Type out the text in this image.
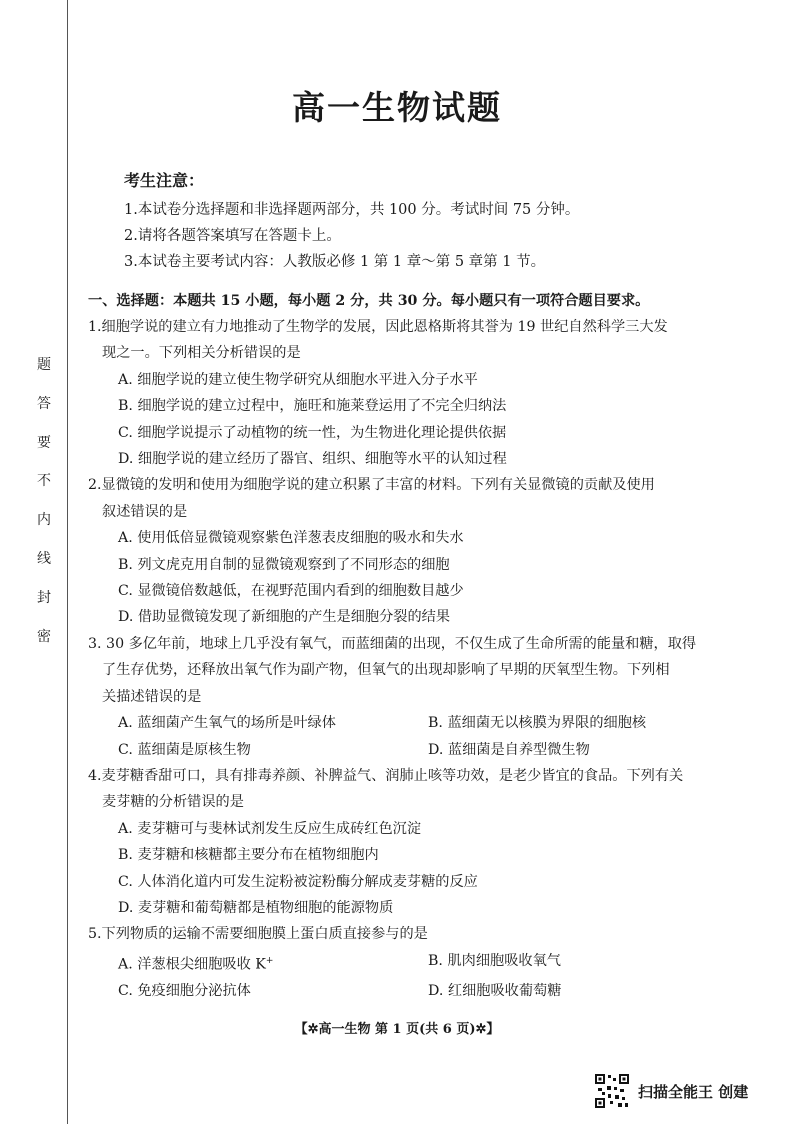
题
答
要
不
内
线
封
密
高一生物试题
考生注意：
1.本试卷分选择题和非选择题两部分，共 100 分。考试时间 75 分钟。
2.请将各题答案填写在答题卡上。
3.本试卷主要考试内容：人教版必修 1 第 1 章～第 5 章第 1 节。
一、选择题：本题共 15 小题，每小题 2 分，共 30 分。每小题只有一项符合题目要求。
1.细胞学说的建立有力地推动了生物学的发展，因此恩格斯将其誉为 19 世纪自然科学三大发
现之一。下列相关分析错误的是
A. 细胞学说的建立使生物学研究从细胞水平进入分子水平
B. 细胞学说的建立过程中，施旺和施莱登运用了不完全归纳法
C. 细胞学说提示了动植物的统一性，为生物进化理论提供依据
D. 细胞学说的建立经历了器官、组织、细胞等水平的认知过程
2.显微镜的发明和使用为细胞学说的建立积累了丰富的材料。下列有关显微镜的贡献及使用
叙述错误的是
A. 使用低倍显微镜观察紫色洋葱表皮细胞的吸水和失水
B. 列文虎克用自制的显微镜观察到了不同形态的细胞
C. 显微镜倍数越低，在视野范围内看到的细胞数目越少
D. 借助显微镜发现了新细胞的产生是细胞分裂的结果
3. 30 多亿年前，地球上几乎没有氧气，而蓝细菌的出现，不仅生成了生命所需的能量和糖，取得
了生存优势，还释放出氧气作为副产物，但氧气的出现却影响了早期的厌氧型生物。下列相
关描述错误的是
A. 蓝细菌产生氧气的场所是叶绿体	B. 蓝细菌无以核膜为界限的细胞核
C. 蓝细菌是原核生物	D. 蓝细菌是自养型微生物
4.麦芽糖香甜可口，具有排毒养颜、补脾益气、润肺止咳等功效，是老少皆宜的食品。下列有关
麦芽糖的分析错误的是
A. 麦芽糖可与斐林试剂发生反应生成砖红色沉淀
B. 麦芽糖和核糖都主要分布在植物细胞内
C. 人体消化道内可发生淀粉被淀粉酶分解成麦芽糖的反应
D. 麦芽糖和葡萄糖都是植物细胞的能源物质
5.下列物质的运输不需要细胞膜上蛋白质直接参与的是
A. 洋葱根尖细胞吸收 K+	B. 肌肉细胞吸收氧气
C. 免疫细胞分泌抗体	D. 红细胞吸收葡萄糖
【✲高一生物 第 1 页(共 6 页)✲】
扫描全能王 创建
